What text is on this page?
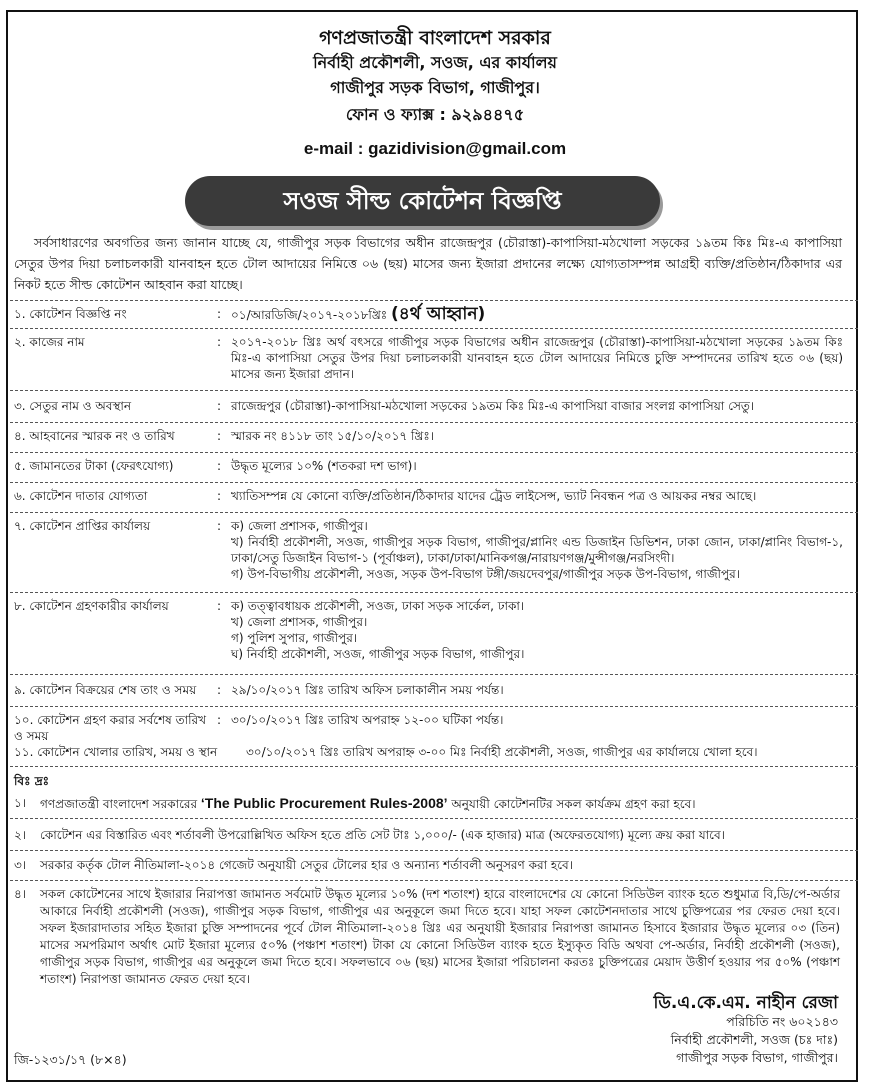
গণপ্রজাতন্ত্রী বাংলাদেশ সরকার
নির্বাহী প্রকৌশলী, সওজ, এর কার্যালয়
গাজীপুর সড়ক বিভাগ, গাজীপুর।
ফোন ও ফ্যাক্স : ৯২৯৪৪৭৫
e-mail : gazidivision@gmail.com
সওজ সীল্ড কোটেশন বিজ্ঞপ্তি
সর্বসাধারণের অবগতির জন্য জানান যাচ্ছে যে, গাজীপুর সড়ক বিভাগের অধীন রাজেন্দ্রপুর (চৌরাস্তা)-কাপাসিয়া-মঠখোলা সড়কের ১৯তম কিঃ মিঃ-এ কাপাসিয়া সেতুর উপর দিয়া চলাচলকারী যানবাহন হতে টোল আদায়ের নিমিত্তে ০৬ (ছয়) মাসের জন্য ইজারা প্রদানের লক্ষ্যে যোগ্যতাসম্পন্ন আগ্রহী ব্যক্তি/প্রতিষ্ঠান/ঠিকাদার এর নিকট হতে সীল্ড কোটেশন আহবান করা যাচ্ছে।
১. কোটেশন বিজ্ঞপ্তি নং	: ০১/আরডিজি/২০১৭-২০১৮খ্রিঃ (৪র্থ আহ্বান)
২. কাজের নাম	: ২০১৭-২০১৮ খ্রিঃ অর্থ বৎসরে গাজীপুর সড়ক বিভাগের অধীন রাজেন্দ্রপুর (চৌরাস্তা)-কাপাসিয়া-মঠখোলা সড়কের ১৯তম কিঃ মিঃ-এ কাপাসিয়া সেতুর উপর দিয়া চলাচলকারী যানবাহন হতে টোল আদায়ের নিমিত্তে চুক্তি সম্পাদনের তারিখ হতে ০৬ (ছয়) মাসের জন্য ইজারা প্রদান।
৩. সেতুর নাম ও অবস্থান	: রাজেন্দ্রপুর (চৌরাস্তা)-কাপাসিয়া-মঠখোলা সড়কের ১৯তম কিঃ মিঃ-এ কাপাসিয়া বাজার সংলগ্ন কাপাসিয়া সেতু।
৪. আহবানের স্মারক নং ও তারিখ	: স্মারক নং ৪১১৮ তাং ১৫/১০/২০১৭ খ্রিঃ।
৫. জামানতের টাকা (ফেরৎযোগ্য)	: উদ্ধৃত মূল্যের ১০% (শতকরা দশ ভাগ)।
৬. কোটেশন দাতার যোগ্যতা	: খ্যাতিসম্পন্ন যে কোনো ব্যক্তি/প্রতিষ্ঠান/ঠিকাদার যাদের ট্রেড লাইসেন্স, ভ্যাট নিবন্ধন পত্র ও আয়কর নম্বর আছে।
৭. কোটেশন প্রাপ্তির কার্যালয়	: ক) জেলা প্রশাসক, গাজীপুর।
খ) নির্বাহী প্রকৌশলী, সওজ, গাজীপুর সড়ক বিভাগ, গাজীপুর/প্লানিং এন্ড ডিজাইন ডিভিশন, ঢাকা জোন, ঢাকা/প্লানিং বিভাগ-১, ঢাকা/সেতু ডিজাইন বিভাগ-১ (পূর্বাঞ্চল), ঢাকা/ঢাকা/মানিকগঞ্জ/নারায়ণগঞ্জ/মুন্সীগঞ্জ/নরসিংদী।
গ) উপ-বিভাগীয় প্রকৌশলী, সওজ, সড়ক উপ-বিভাগ টঙ্গী/জয়দেবপুর/গাজীপুর সড়ক উপ-বিভাগ, গাজীপুর।
৮. কোটেশন গ্রহণকারীর কার্যালয়	: ক) তত্ত্বাবধায়ক প্রকৌশলী, সওজ, ঢাকা সড়ক সার্কেল, ঢাকা।
খ) জেলা প্রশাসক, গাজীপুর।
গ) পুলিশ সুপার, গাজীপুর।
ঘ) নির্বাহী প্রকৌশলী, সওজ, গাজীপুর সড়ক বিভাগ, গাজীপুর।
৯. কোটেশন বিক্রয়ের শেষ তাং ও সময়	: ২৯/১০/২০১৭ খ্রিঃ তারিখ অফিস চলাকালীন সময় পর্যন্ত।
১০. কোটেশন গ্রহণ করার সর্বশেষ তারিখ ও সময়
: ৩০/১০/২০১৭ খ্রিঃ তারিখ অপরাহ্ন ১২-০০ ঘটিকা পর্যন্ত।
১১. কোটেশন খোলার তারিখ, সময় ও স্থান	৩০/১০/২০১৭ খ্রিঃ তারিখ অপরাহ্ন ৩-০০ মিঃ নির্বাহী প্রকৌশলী, সওজ, গাজীপুর এর কার্যালয়ে খোলা হবে।
বিঃ দ্রঃ
১। গণপ্রজাতন্ত্রী বাংলাদেশ সরকারের ‘The Public Procurement Rules-2008’ অনুযায়ী কোটেশনটির সকল কার্যক্রম গ্রহণ করা হবে।
২। কোটেশন এর বিস্তারিত এবং শর্তাবলী উপরোল্লিখিত অফিস হতে প্রতি সেট টাঃ ১,০০০/- (এক হাজার) মাত্র (অফেরতযোগ্য) মূল্যে ক্রয় করা যাবে।
৩। সরকার কর্তৃক টোল নীতিমালা-২০১৪ গেজেট অনুযায়ী সেতুর টোলের হার ও অন্যান্য শর্তাবলী অনুসরণ করা হবে।
৪। সকল কোটেশনের সাথে ইজারার নিরাপত্তা জামানত সর্বমোট উদ্ধৃত মূল্যের ১০% (দশ শতাংশ) হারে বাংলাদেশের যে কোনো সিডিউল ব্যাংক হতে শুধুমাত্র বি,ডি/পে-অর্ডার আকারে নির্বাহী প্রকৌশলী (সওজ), গাজীপুর সড়ক বিভাগ, গাজীপুর এর অনুকূলে জমা দিতে হবে। যাহা সফল কোটেশনদাতার সাথে চুক্তিপত্রের পর ফেরত দেয়া হবে। সফল ইজারাদাতার সহিত ইজারা চুক্তি সম্পাদনের পূর্বে টোল নীতিমালা-২০১৪ খ্রিঃ এর অনুযায়ী ইজারার নিরাপত্তা জামানত হিসাবে ইজারার উদ্ধৃত মূল্যের ০৩ (তিন) মাসের সমপরিমাণ অর্থাৎ মোট ইজারা মূল্যের ৫০% (পঞ্চাশ শতাংশ) টাকা যে কোনো সিডিউল ব্যাংক হতে ইস্যুকৃত বিডি অথবা পে-অর্ডার, নির্বাহী প্রকৌশলী (সওজ), গাজীপুর সড়ক বিভাগ, গাজীপুর এর অনুকূলে জমা দিতে হবে। সফলভাবে ০৬ (ছয়) মাসের ইজারা পরিচালনা করতঃ চুক্তিপত্রের মেয়াদ উত্তীর্ণ হওয়ার পর ৫০% (পঞ্চাশ শতাংশ) নিরাপত্তা জামানত ফেরত দেয়া হবে।
ডি.এ.কে.এম. নাহীন রেজা
পরিচিতি নং ৬০২১৪৩
নির্বাহী প্রকৌশলী, সওজ (চঃ দাঃ)
গাজীপুর সড়ক বিভাগ, গাজীপুর।
জি-১২৩১/১৭ (৮×৪)
